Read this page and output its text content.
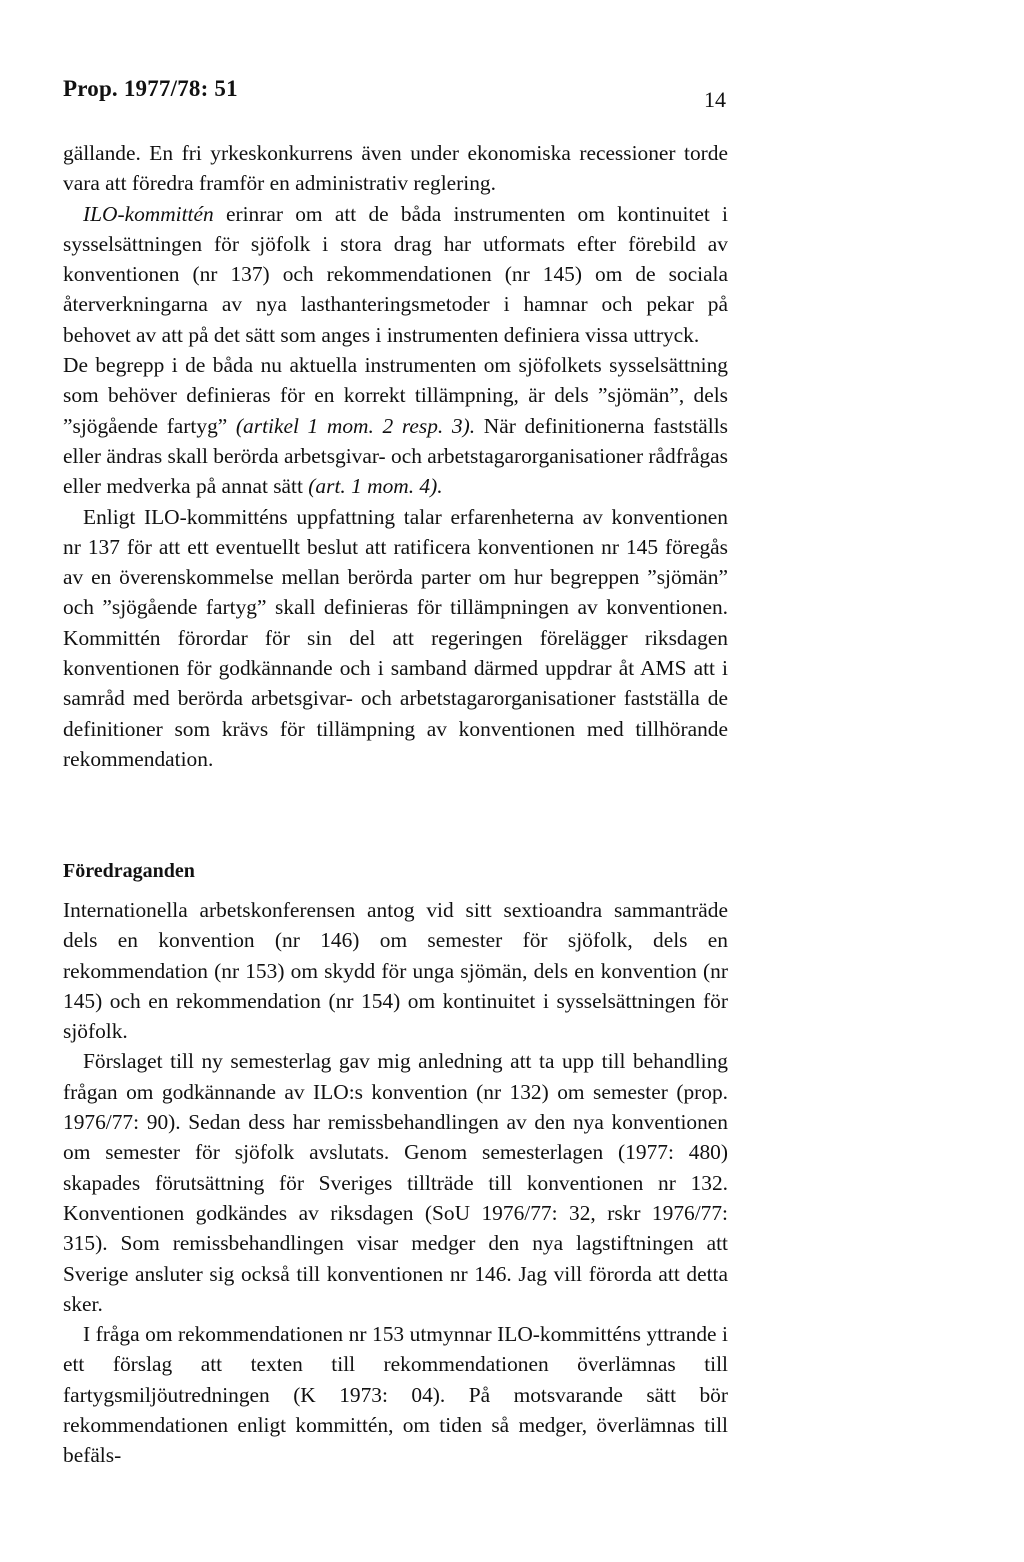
Prop. 1977/78: 51	14

gällande. En fri yrkeskonkurrens även under ekonomiska recessioner torde vara att föredra framför en administrativ reglering.

ILO-kommittén erinrar om att de båda instrumenten om kontinuitet i sysselsättningen för sjöfolk i stora drag har utformats efter förebild av konventionen (nr 137) och rekommendationen (nr 145) om de sociala återverkningarna av nya lasthanteringsmetoder i hamnar och pekar på behovet av att på det sätt som anges i instrumenten definiera vissa uttryck.

De begrepp i de båda nu aktuella instrumenten om sjöfolkets sysselsättning som behöver definieras för en korrekt tillämpning, är dels ”sjömän”, dels ”sjögående fartyg” (artikel 1 mom. 2 resp. 3). När definitionerna fastställs eller ändras skall berörda arbetsgivar- och arbetstagarorganisationer rådfrågas eller medverka på annat sätt (art. 1 mom. 4).

Enligt ILO-kommitténs uppfattning talar erfarenheterna av konventionen nr 137 för att ett eventuellt beslut att ratificera konventionen nr 145 föregås av en överenskommelse mellan berörda parter om hur begreppen ”sjömän” och ”sjögående fartyg” skall definieras för tillämpningen av konventionen. Kommittén förordar för sin del att regeringen förelägger riksdagen konventionen för godkännande och i samband därmed uppdrar åt AMS att i samråd med berörda arbetsgivar- och arbetstagarorganisationer fastställa de definitioner som krävs för tillämpning av konventionen med tillhörande rekommendation.

Föredraganden

Internationella arbetskonferensen antog vid sitt sextioandra sammanträde dels en konvention (nr 146) om semester för sjöfolk, dels en rekommendation (nr 153) om skydd för unga sjömän, dels en konvention (nr 145) och en rekommendation (nr 154) om kontinuitet i sysselsättningen för sjöfolk.

Förslaget till ny semesterlag gav mig anledning att ta upp till behandling frågan om godkännande av ILO:s konvention (nr 132) om semester (prop. 1976/77: 90). Sedan dess har remissbehandlingen av den nya konventionen om semester för sjöfolk avslutats. Genom semesterlagen (1977: 480) skapades förutsättning för Sveriges tillträde till konventionen nr 132. Konventionen godkändes av riksdagen (SoU 1976/77: 32, rskr 1976/77: 315). Som remissbehandlingen visar medger den nya lagstiftningen att Sverige ansluter sig också till konventionen nr 146. Jag vill förorda att detta sker.

I fråga om rekommendationen nr 153 utmynnar ILO-kommitténs yttrande i ett förslag att texten till rekommendationen överlämnas till fartygsmiljöutredningen (K 1973: 04). På motsvarande sätt bör rekommendationen enligt kommittén, om tiden så medger, överlämnas till befäls-
